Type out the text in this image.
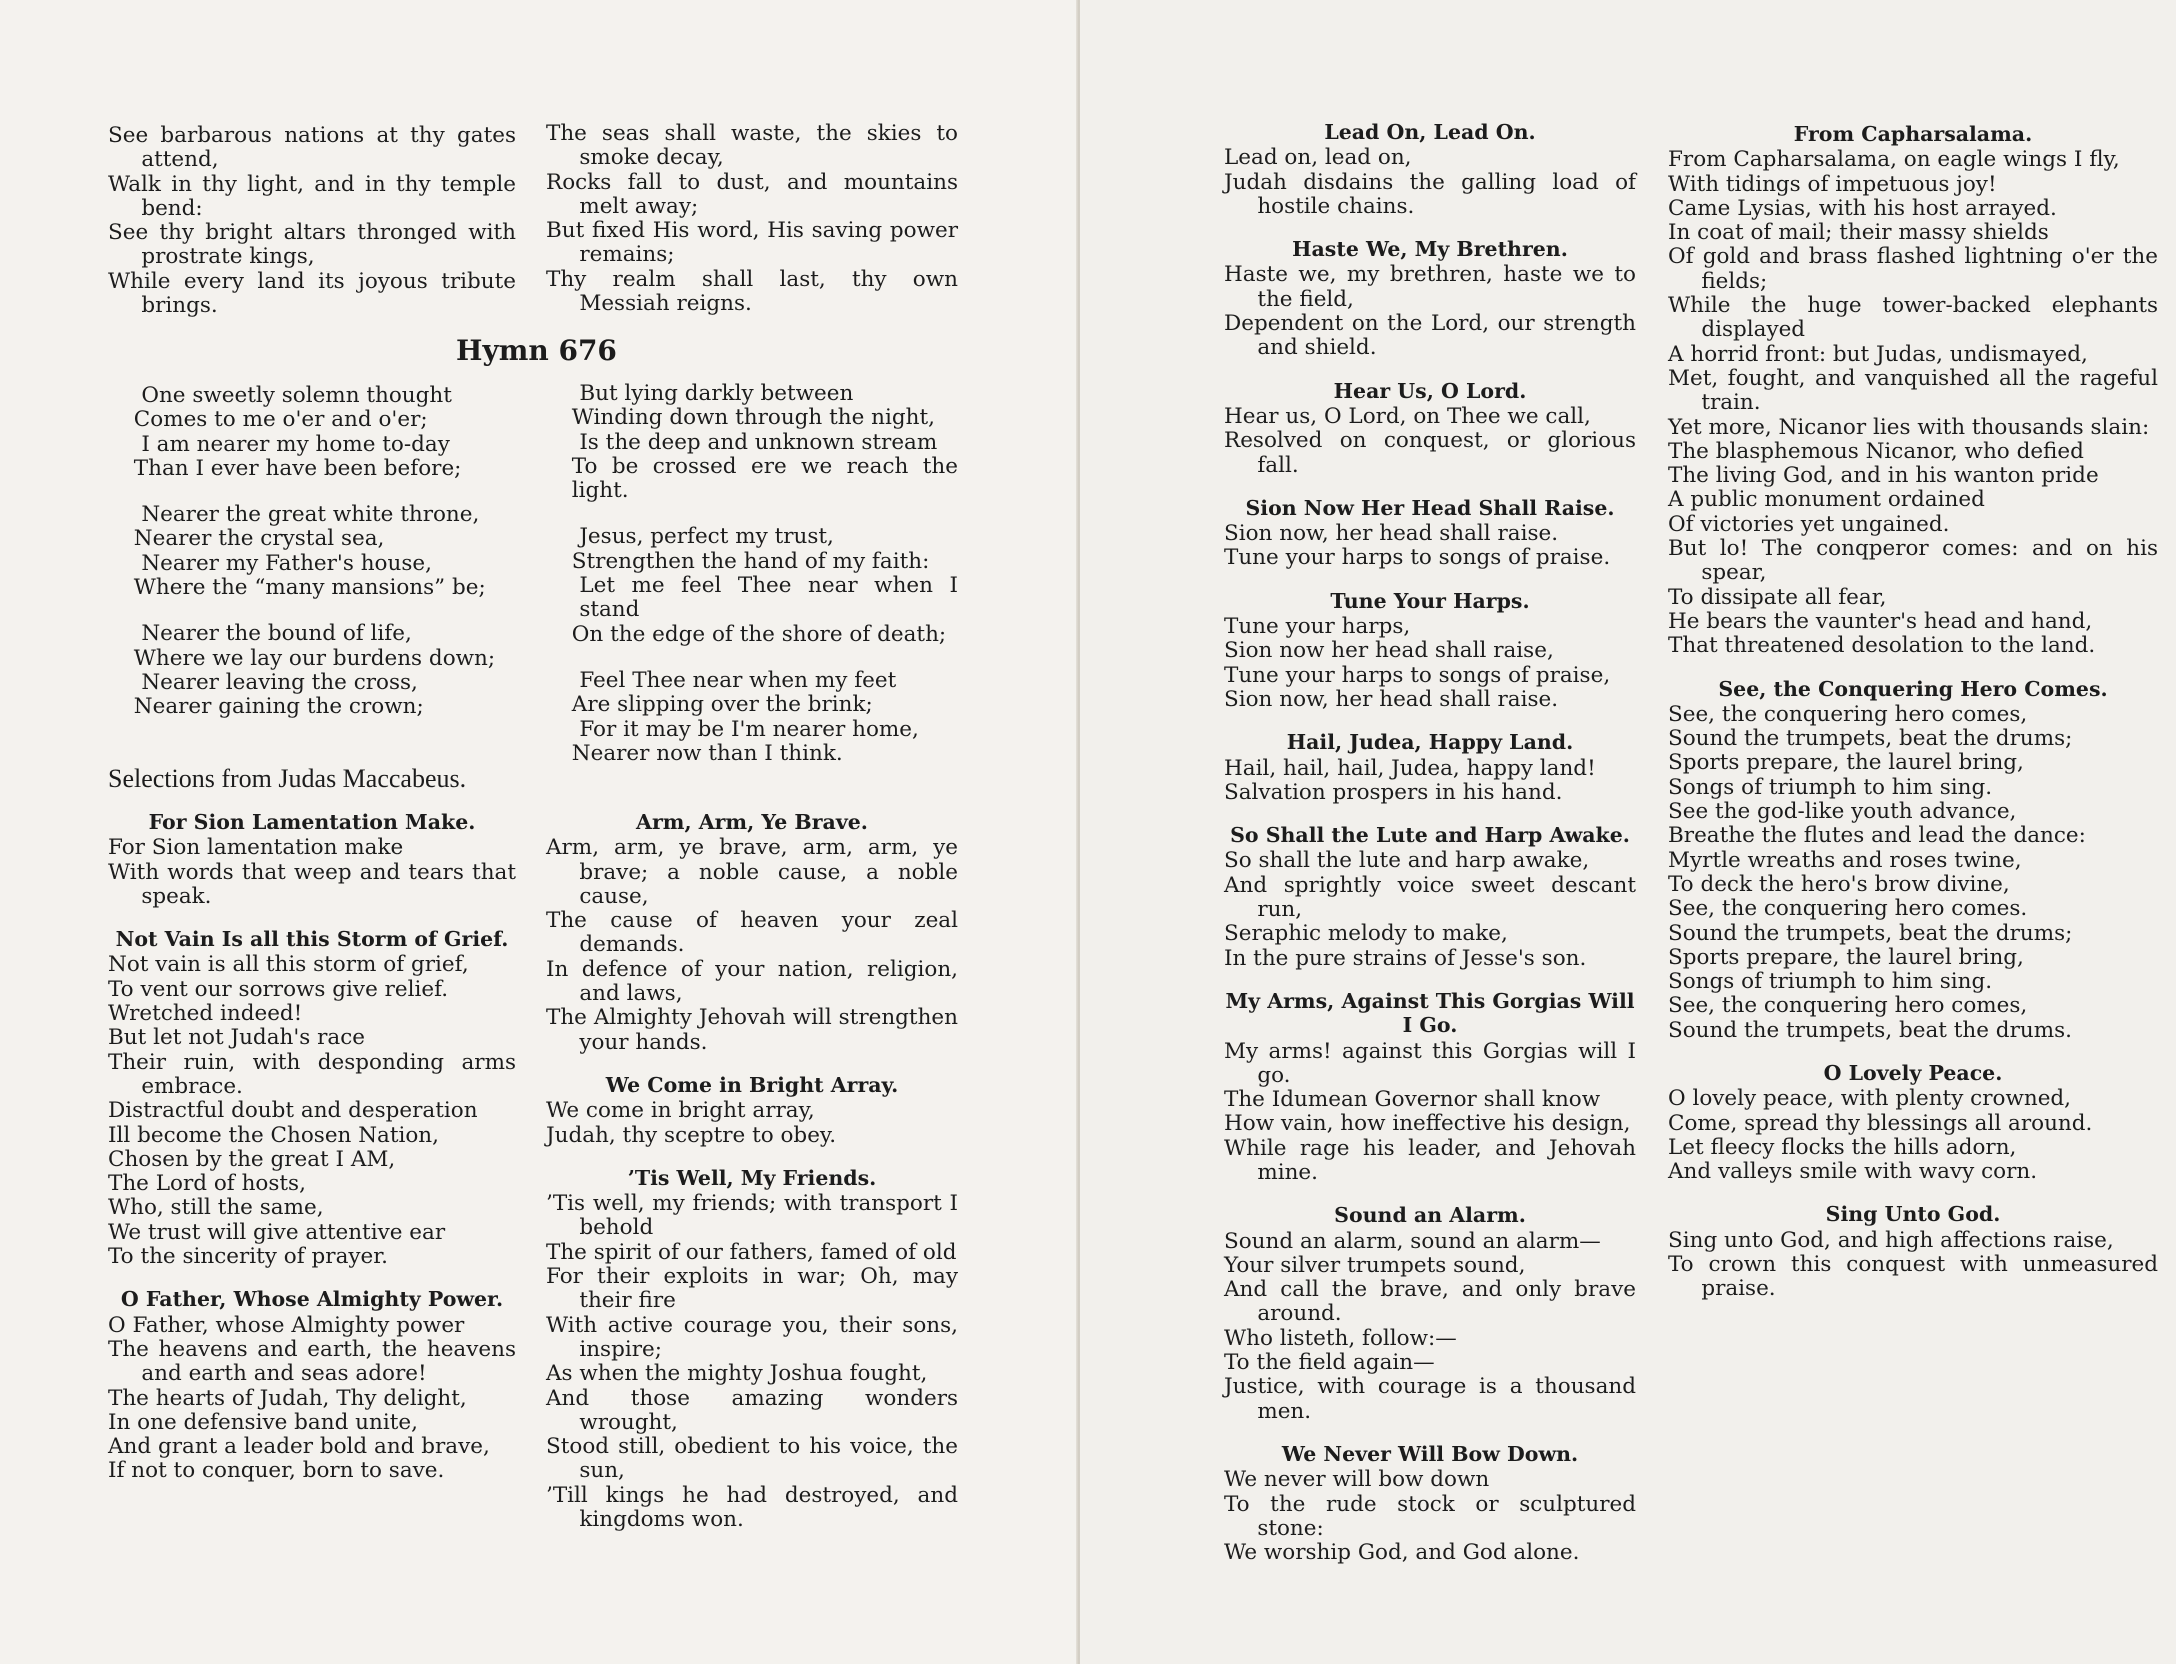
See barbarous nations at thy gates attend,
Walk in thy light, and in thy temple bend:
See thy bright altars thronged with prostrate kings,
While every land its joyous tribute brings.
The seas shall waste, the skies to smoke decay,
Rocks fall to dust, and mountains melt away;
But fixed His word, His saving power remains;
Thy realm shall last, thy own Messiah reigns.
Hymn 676
One sweetly solemn thought
Comes to me o'er and o'er;
I am nearer my home to-day
Than I ever have been before;
Nearer the great white throne,
Nearer the crystal sea,
Nearer my Father's house,
Where the “many mansions” be;
Nearer the bound of life,
Where we lay our burdens down;
Nearer leaving the cross,
Nearer gaining the crown;
But lying darkly between
Winding down through the night,
Is the deep and unknown stream
To be crossed ere we reach the light.
Jesus, perfect my trust,
Strengthen the hand of my faith:
Let me feel Thee near when I stand
On the edge of the shore of death;
Feel Thee near when my feet
Are slipping over the brink;
For it may be I'm nearer home,
Nearer now than I think.
Selections from Judas Maccabeus.
For Sion Lamentation Make.
For Sion lamentation make
With words that weep and tears that speak.
Not Vain Is all this Storm of Grief.
Not vain is all this storm of grief,
To vent our sorrows give relief.
Wretched indeed!
But let not Judah's race
Their ruin, with desponding arms embrace.
Distractful doubt and desperation
Ill become the Chosen Nation,
Chosen by the great I AM,
The Lord of hosts,
Who, still the same,
We trust will give attentive ear
To the sincerity of prayer.
O Father, Whose Almighty Power.
O Father, whose Almighty power
The heavens and earth, the heavens and earth and seas adore!
The hearts of Judah, Thy delight,
In one defensive band unite,
And grant a leader bold and brave,
If not to conquer, born to save.
Arm, Arm, Ye Brave.
Arm, arm, ye brave, arm, arm, ye brave; a noble cause, a noble cause,
The cause of heaven your zeal demands.
In defence of your nation, religion, and laws,
The Almighty Jehovah will strengthen your hands.
We Come in Bright Array.
We come in bright array,
Judah, thy sceptre to obey.
’Tis Well, My Friends.
’Tis well, my friends; with transport I behold
The spirit of our fathers, famed of old
For their exploits in war; Oh, may their fire
With active courage you, their sons, inspire;
As when the mighty Joshua fought,
And those amazing wonders wrought,
Stood still, obedient to his voice, the sun,
’Till kings he had destroyed, and kingdoms won.
Lead On, Lead On.
Lead on, lead on,
Judah disdains the galling load of hostile chains.
Haste We, My Brethren.
Haste we, my brethren, haste we to the field,
Dependent on the Lord, our strength and shield.
Hear Us, O Lord.
Hear us, O Lord, on Thee we call,
Resolved on conquest, or glorious fall.
Sion Now Her Head Shall Raise.
Sion now, her head shall raise.
Tune your harps to songs of praise.
Tune Your Harps.
Tune your harps,
Sion now her head shall raise,
Tune your harps to songs of praise,
Sion now, her head shall raise.
Hail, Judea, Happy Land.
Hail, hail, hail, Judea, happy land!
Salvation prospers in his hand.
So Shall the Lute and Harp Awake.
So shall the lute and harp awake,
And sprightly voice sweet descant run,
Seraphic melody to make,
In the pure strains of Jesse's son.
My Arms, Against This Gorgias Will I Go.
My arms! against this Gorgias will I go.
The Idumean Governor shall know
How vain, how ineffective his design,
While rage his leader, and Jehovah mine.
Sound an Alarm.
Sound an alarm, sound an alarm—
Your silver trumpets sound,
And call the brave, and only brave around.
Who listeth, follow:—
To the field again—
Justice, with courage is a thousand men.
We Never Will Bow Down.
We never will bow down
To the rude stock or sculptured stone:
We worship God, and God alone.
From Capharsalama.
From Capharsalama, on eagle wings I fly,
With tidings of impetuous joy!
Came Lysias, with his host arrayed.
In coat of mail; their massy shields
Of gold and brass flashed lightning o'er the fields;
While the huge tower-backed elephants displayed
A horrid front: but Judas, undismayed,
Met, fought, and vanquished all the rageful train.
Yet more, Nicanor lies with thousands slain:
The blasphemous Nicanor, who defied
The living God, and in his wanton pride
A public monument ordained
Of victories yet ungained.
But lo! The conqperor comes: and on his spear,
To dissipate all fear,
He bears the vaunter's head and hand,
That threatened desolation to the land.
See, the Conquering Hero Comes.
See, the conquering hero comes,
Sound the trumpets, beat the drums;
Sports prepare, the laurel bring,
Songs of triumph to him sing.
See the god-like youth advance,
Breathe the flutes and lead the dance:
Myrtle wreaths and roses twine,
To deck the hero's brow divine,
See, the conquering hero comes.
Sound the trumpets, beat the drums;
Sports prepare, the laurel bring,
Songs of triumph to him sing.
See, the conquering hero comes,
Sound the trumpets, beat the drums.
O Lovely Peace.
O lovely peace, with plenty crowned,
Come, spread thy blessings all around.
Let fleecy flocks the hills adorn,
And valleys smile with wavy corn.
Sing Unto God.
Sing unto God, and high affections raise,
To crown this conquest with unmeasured praise.
